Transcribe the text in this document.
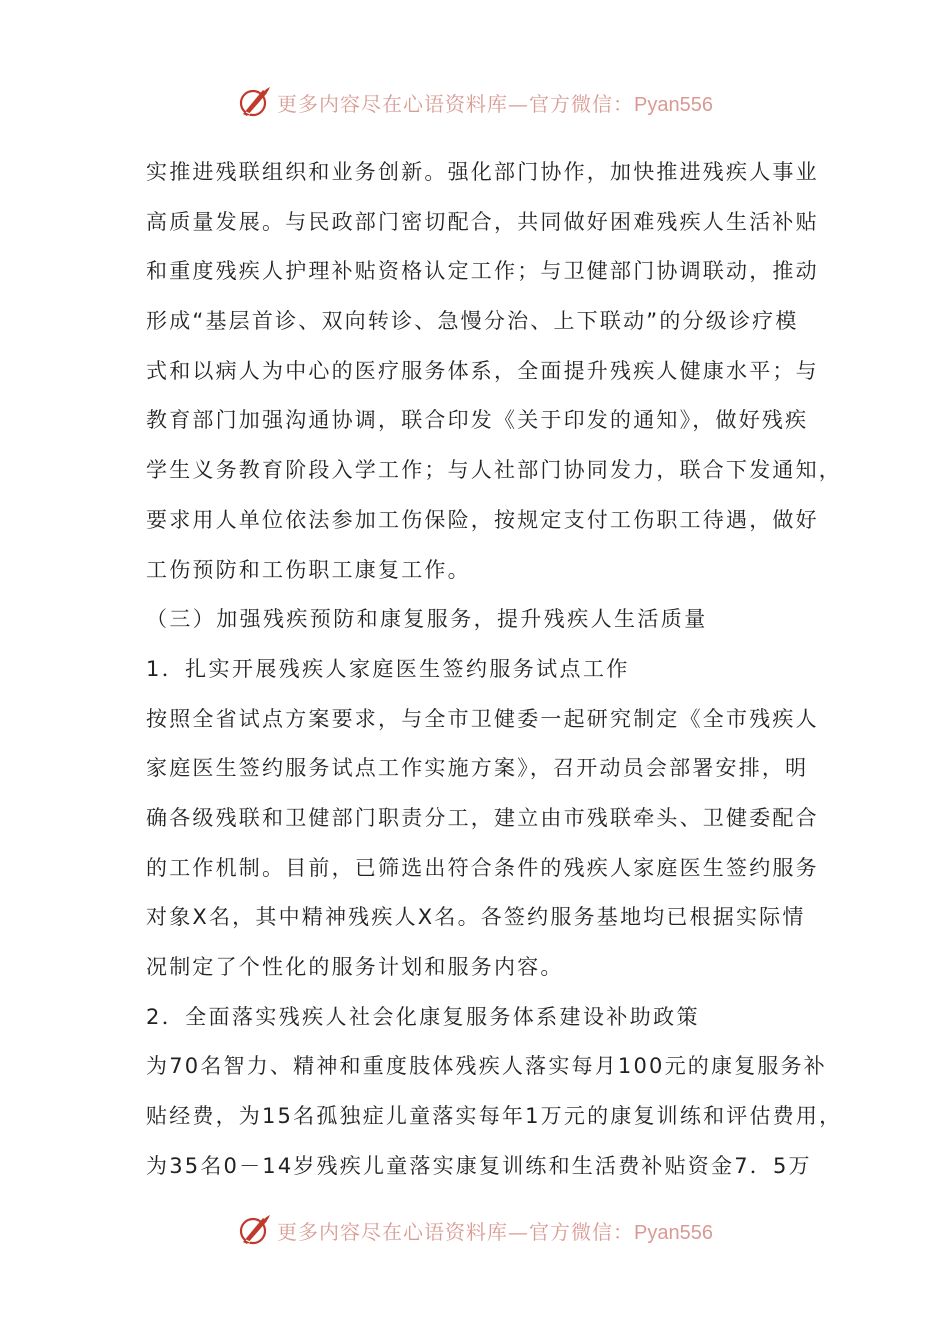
更多内容尽在心语资料库—官方微信：Pyan556
实推进残联组织和业务创新。强化部门协作，加快推进残疾人事业
高质量发展。与民政部门密切配合，共同做好困难残疾人生活补贴
和重度残疾人护理补贴资格认定工作；与卫健部门协调联动，推动
形成“基层首诊、双向转诊、急慢分治、上下联动”的分级诊疗模
式和以病人为中心的医疗服务体系，全面提升残疾人健康水平；与
教育部门加强沟通协调，联合印发《关于印发的通知》，做好残疾
学生义务教育阶段入学工作；与人社部门协同发力，联合下发通知，
要求用人单位依法参加工伤保险，按规定支付工伤职工待遇，做好
工伤预防和工伤职工康复工作。
（三）加强残疾预防和康复服务，提升残疾人生活质量
1．扎实开展残疾人家庭医生签约服务试点工作
按照全省试点方案要求，与全市卫健委一起研究制定《全市残疾人
家庭医生签约服务试点工作实施方案》，召开动员会部署安排，明
确各级残联和卫健部门职责分工，建立由市残联牵头、卫健委配合
的工作机制。目前，已筛选出符合条件的残疾人家庭医生签约服务
对象X名，其中精神残疾人X名。各签约服务基地均已根据实际情
况制定了个性化的服务计划和服务内容。
2．全面落实残疾人社会化康复服务体系建设补助政策
为70名智力、精神和重度肢体残疾人落实每月100元的康复服务补
贴经费，为15名孤独症儿童落实每年1万元的康复训练和评估费用，
为35名0－14岁残疾儿童落实康复训练和生活费补贴资金7．5万
更多内容尽在心语资料库—官方微信：Pyan556
